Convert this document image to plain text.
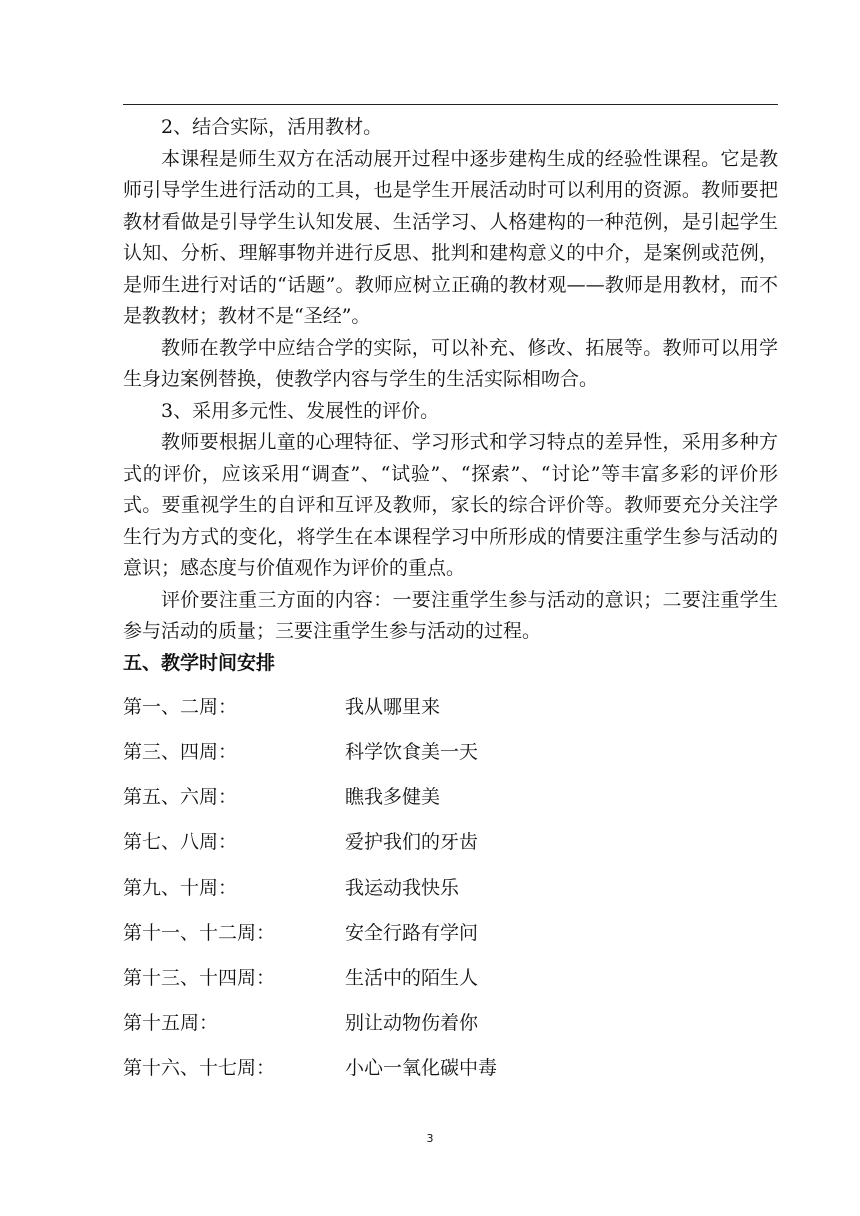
2、结合实际，活用教材。

本课程是师生双方在活动展开过程中逐步建构生成的经验性课程。它是教师引导学生进行活动的工具，也是学生开展活动时可以利用的资源。教师要把教材看做是引导学生认知发展、生活学习、人格建构的一种范例，是引起学生认知、分析、理解事物并进行反思、批判和建构意义的中介，是案例或范例，是师生进行对话的“话题”。教师应树立正确的教材观——教师是用教材，而不是教教材；教材不是“圣经”。

教师在教学中应结合学的实际，可以补充、修改、拓展等。教师可以用学生身边案例替换，使教学内容与学生的生活实际相吻合。

3、采用多元性、发展性的评价。

教师要根据儿童的心理特征、学习形式和学习特点的差异性，采用多种方式的评价，应该采用“调查”、“试验”、“探索”、“讨论”等丰富多彩的评价形式。要重视学生的自评和互评及教师，家长的综合评价等。教师要充分关注学生行为方式的变化，将学生在本课程学习中所形成的情要注重学生参与活动的意识；感态度与价值观作为评价的重点。

评价要注重三方面的内容：一要注重学生参与活动的意识；二要注重学生参与活动的质量；三要注重学生参与活动的过程。

五、教学时间安排

第一、二周：	我从哪里来
第三、四周：	科学饮食美一天
第五、六周：	瞧我多健美
第七、八周：	爱护我们的牙齿
第九、十周：	我运动我快乐
第十一、十二周：	安全行路有学问
第十三、十四周：	生活中的陌生人
第十五周：	别让动物伤着你
第十六、十七周：	小心一氧化碳中毒
3
